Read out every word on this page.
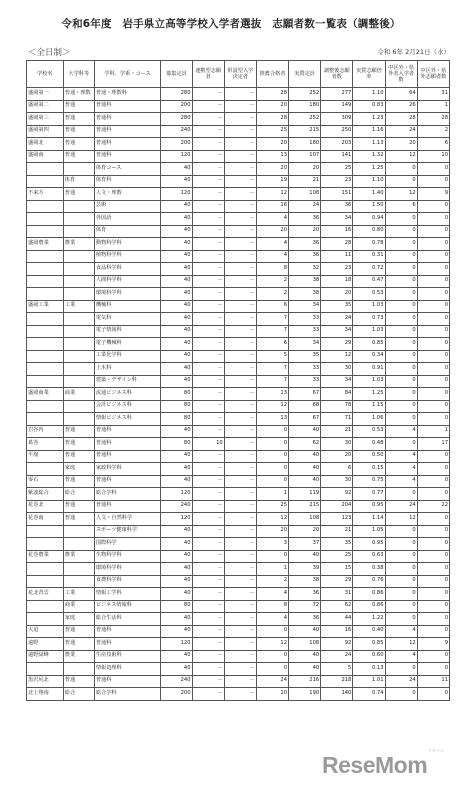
令和6年度　岩手県立高等学校入学者選抜　志願者数一覧表（調整後）
＜全日制＞	令和 6年 2月21日（水）
学校名	大学科等	学科、学系・コース	募集定員	連携型志願者	併設型入学決定者	推薦合格者	実質定員	調整後志願者数	実質志願倍率	中区外・県外者入学者数	中区外・県外志願者数
盛岡第一	普通・理数	普通・理数科	280	－	－	28	252	277	1.10	64	31
盛岡第二	普通	普通科	200	－	－	20	180	149	0.83	26	1
盛岡第三	普通	普通科	280	－	－	28	252	309	1.23	28	28
盛岡第四	普通	普通科	240	－	－	25	215	250	1.16	24	2
盛岡北	普通	普通科	200	－	－	20	180	203	1.13	20	6
盛岡南	普通	普通科	120	－	－	13	107	141	1.32	12	10
		体育コース	40	－	－	20	20	25	1.25	0	0
	体育	体育科	40	－	－	19	21	23	1.10	0	0
不来方	普通	人文・理数	120	－	－	12	108	151	1.40	12	9
		芸術	40	－	－	16	24	36	1.50	6	0
		外国語	40	－	－	4	36	34	0.94	0	0
		体育	40	－	－	20	20	16	0.80	0	0
盛岡農業	農業	動物科学科	40	－	－	4	36	28	0.78	0	0
		植物科学科	40	－	－	4	36	11	0.31	0	0
		食品科学科	40	－	－	8	32	23	0.72	0	0
		人間科学科	40	－	－	2	38	18	0.47	0	0
		環境科学科	40	－	－	2	38	20	0.53	0	0
盛岡工業	工業	機械科	40	－	－	6	34	35	1.03	0	0
		電気科	40	－	－	7	33	24	0.73	0	0
		電子情報科	40	－	－	7	33	34	1.03	0	0
		電子機械科	40	－	－	6	34	29	0.85	0	0
		工業化学科	40	－	－	5	35	12	0.34	0	0
		土木科	40	－	－	7	33	30	0.91	0	0
		建築・デザイン科	40	－	－	7	33	34	1.03	0	0
盛岡商業	商業	流通ビジネス科	80	－	－	13	67	84	1.25	0	0
		会計ビジネス科	80	－	－	12	68	78	1.15	0	0
		情報ビジネス科	80	－	－	13	67	71	1.06	0	0
岩谷内	普通	普通科	40	－	－	0	40	21	0.53	4	1
葛巻	普通	普通科	80	10	－	0	62	30	0.48	0	17
平舘	普通	普通科	40	－	－	0	40	20	0.50	4	0
	家庭	家政科学科	40	－	－	0	40	6	0.15	4	0
零石	普通	普通科	40	－	－	0	40	30	0.75	4	0
紫波総合	総合	総合学科	120	－	－	1	119	92	0.77	0	0
花巻北	普通	普通科	240	－	－	25	215	204	0.95	24	22
花巻南	普通	人文・自然科学	120	－	－	12	108	123	1.14	12	0
		スポーツ健康科学	40	－	－	20	20	21	1.05	0	0
		国際科学	40	－	－	3	37	35	0.95	0	0
花巻農業	農業	生物科学科	40	－	－	0	40	25	0.63	0	0
		環境科学科	40	－	－	1	39	15	0.38	0	0
		食農科学科	40	－	－	2	38	29	0.76	0	0
花北青雲	工業	情報工学科	40	－	－	4	36	31	0.86	0	0
	商業	ビジネス情報科	80	－	－	8	72	62	0.86	0	0
	家庭	総合生活科	40	－	－	4	36	44	1.22	0	0
大迫	普通	普通科	40	－	－	0	40	16	0.40	4	0
遠野	普通	普通科	120	－	－	12	108	92	0.85	12	9
遠野緑峰	農業	生産技術科	40	－	－	0	40	24	0.60	4	0
		情報処理科	40	－	－	0	40	5	0.13	0	0
黒沢尻北	普通	普通科	240	－	－	24	216	218	1.01	24	11
北上翔南	総合	総合学科	200	－	－	10	190	140	0.74	0	0
リセマム
ReseMom
